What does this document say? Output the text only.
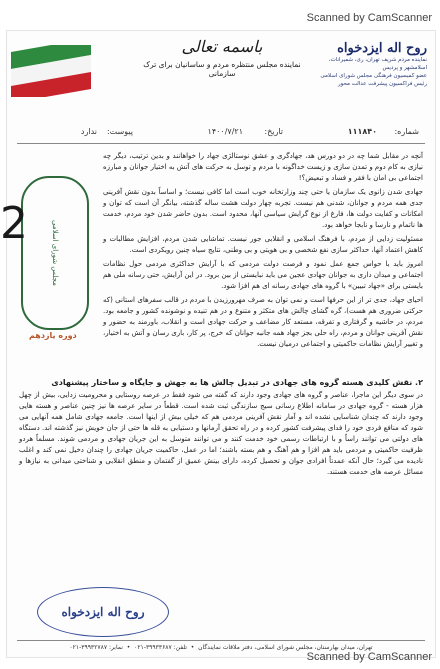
Scanned by CamScanner
روح اله ایزدخواه
نماینده مردم شریف تهران، ری، شمیرانات، اسلامشهر و پردیس
عضو کمیسیون فرهنگی مجلس شورای اسلامی
رئیس فراکسیون پیشرفت عدالت محور
باسمه تعالی
نماینده مجلس منتظره مردم و ساسانیان برای ترک سازمانی
شماره:
۱۱۱۸۴۰
تاریخ:
۱۴۰۰/۷/۲۱
پیوست:
ندارد

آنچه در مقابل شما چه در دو دورس هد، جهادگری و عشق نوستالژی جهاد را خواهانند و بدین ترتیب، دیگر چه نیازی به کام دوم و تمدن سازی و زیست خداگونه با مردم و توسل به حرکت های آتش به اختیار جوانان و مبارزه اجتماعی بی امان با فقر و فساد و تبعیض؟!

جهادی شدن زانوی یک سازمان یا حتی چند وزارتخانه خوب است اما کافی نیست؛ و اساساً بدون نقش آفرینی جدی همه مردم و جوانان، شدنی هم نیست. تجربه چهار دولت هشت ساله گذشته، بیانگر آن است که توان و امکانات و کفایت دولت ها، فارغ از نوع گرایش سیاسی آنها، محدود است. بدون حاضر شدن خود مردم، خدمت ها ناتمام و نارسا و نابجا خواهد بود.

مسئولیت زدایی از مردم، با فرهنگ اسلامی و انقلابی جور نیست. تماشایی شدن مردم، افزایش مطالبات و کاهش اعتماد آنها، حداکثر سازی نفع شخصی و بی هویتی و بی وطنی، نتایج سیاه چنین رویکردی است.

امروز باید با حواس جمع عمل نمود و فرصت دولت مردمی که با آرایش حداکثری مردمی حول نظامات اجتماعی و میدان داری به جوانان جهادی عجین می باید نبایستی از بین برود. در این آرایش، حتی رسانه ملی هم بایستی برای «جهاد تبیین» با گروه های جهادی رسانه ای هم افزا شود.

احیای جهاد، جدی تر از این حرفها است و نمی توان به صرف مهرورزیدن با مردم در قالب سفرهای استانی (که حرکتی ضروری هم هست)، گره گشای چالش های متکثر و متنوع و در هم تنیده و نوشونده کشور و جامعه بود. مردم، در حاشیه و گرفتاری و تفرقه، مستعد کار مضاعف و حرکت جهادی است و انقلاب، باورمند به حضور و نقش آفرینی جوانان و مردم، راه حلی بجز جهاد همه جانبه جوانان که خرج، پر کار، باری رسان و آتش به اختیار، و تغییر آرایش نظامات حاکمیتی و اجتماعی درمیان نیست.

مجلس شورای اسلامی
دوره یازدهم
۲. نقش کلیدی هسته گروه های جهادی در تبدیل چالش ها به جهش و جایگاه و ساختار پیشنهادی
در سوی دیگر این ماجرا، عناصر و گروه های جهادی وجود دارند که گفته می شود فقط در عرصه روستایی و محرومیت زدایی، بیش از چهل هزار هسته - گروه جهادی در سامانه اطلاع رسانی سیج سازندگی ثبت شده است. قطعاً در سایر عرصه ها نیز چنین عناصر و هسته هایی وجود دارند که چندان شناسایی نشده اند و آمار نقش آفرینی مردمی هم که خیلی بیش از اینها است. جامعه جهادی شامل همه آنهایی می شود که منافع فردی خود را فدای پیشرفت کشور کرده و در راه تحقق آرمانها و دستیابی به قله ها حتی از جان خویش نیز گذشته اند. دستگاه های دولتی می توانند راساً و با ارتباطات رسمی خود خدمت کنند و می توانند متوسل به این جریان جهادی و مردمی شوند. مسلماً هردو ظرفیت حاکمیتی و مردمی باید هم افزا و هم آهنگ و هم بسته باشند؛ اما در عمل، حاکمیت جریان جهادی را چندان دخیل نمی کند و اغلب نادیده می گیرد؛ حال آنکه عمدتاً افرادی جوان و تحصیل کرده، دارای بینش عمیق از گفتمان و منطق انقلابی و شناختی میدانی به نیازها و مسائل عرصه های خدمت هستند.
روح اله ایزدخواه
تهران، میدان بهارستان، مجلس شورای اسلامی، دفتر ملاقات نمایندگان  •  تلفن: ۳۹۹۳۳۶۸۷-۰۲۱  •  نمابر: ۳۹۹۳۲۷۸۷-۰۲۱
2
Scanned by CamScanner
